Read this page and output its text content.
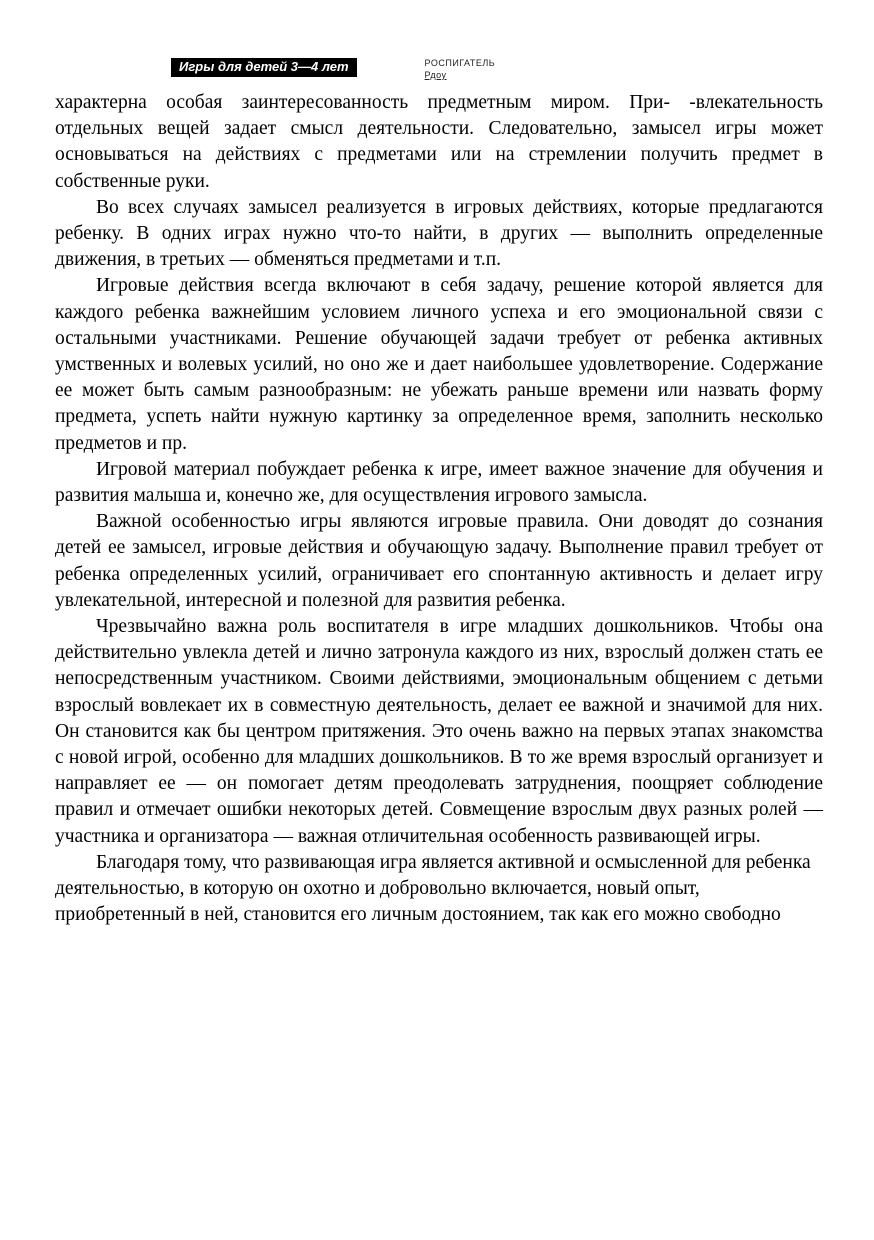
Игры для детей 3—4 лет	РОСПИГАТЕЛЬ
Рдоу

характерна особая заинтересованность предметным миром. При- -влекательность отдельных вещей задает смысл деятельности. Следовательно, замысел игры может основываться на действиях с предметами или на стремлении получить предмет в собственные руки.

Во всех случаях замысел реализуется в игровых действиях, которые предлагаются ребенку. В одних играх нужно что-то найти, в других — выполнить определенные движения, в третьих — обменяться предметами и т.п.

Игровые действия всегда включают в себя задачу, решение которой является для каждого ребенка важнейшим условием личного успеха и его эмоциональной связи с остальными участниками. Решение обучающей задачи требует от ребенка активных умственных и волевых усилий, но оно же и дает наибольшее удовлетворение. Содержание ее может быть самым разнообразным: не убежать раньше времени или назвать форму предмета, успеть найти нужную картинку за определенное время, заполнить несколько предметов и пр.

Игровой материал побуждает ребенка к игре, имеет важное значение для обучения и развития малыша и, конечно же, для осуществления игрового замысла.

Важной особенностью игры являются игровые правила. Они доводят до сознания детей ее замысел, игровые действия и обучающую задачу. Выполнение правил требует от ребенка определенных усилий, ограничивает его спонтанную активность и делает игру увлекательной, интересной и полезной для развития ребенка.

Чрезвычайно важна роль воспитателя в игре младших дошкольников. Чтобы она действительно увлекла детей и лично затронула каждого из них, взрослый должен стать ее непосредственным участником. Своими действиями, эмоциональным общением с детьми взрослый вовлекает их в совместную деятельность, делает ее важной и значимой для них. Он становится как бы центром притяжения. Это очень важно на первых этапах знакомства с новой игрой, особенно для младших дошкольников. В то же время взрослый организует и направляет ее — он помогает детям преодолевать затруднения, поощряет соблюдение правил и отмечает ошибки некоторых детей. Совмещение взрослым двух разных ролей — участника и организатора — важная отличительная особенность развивающей игры.

Благодаря тому, что развивающая игра является активной и осмысленной для ребенка деятельностью, в которую он охотно и добровольно включается, новый опыт, приобретенный в ней, становится его личным достоянием, так как его можно свободно
